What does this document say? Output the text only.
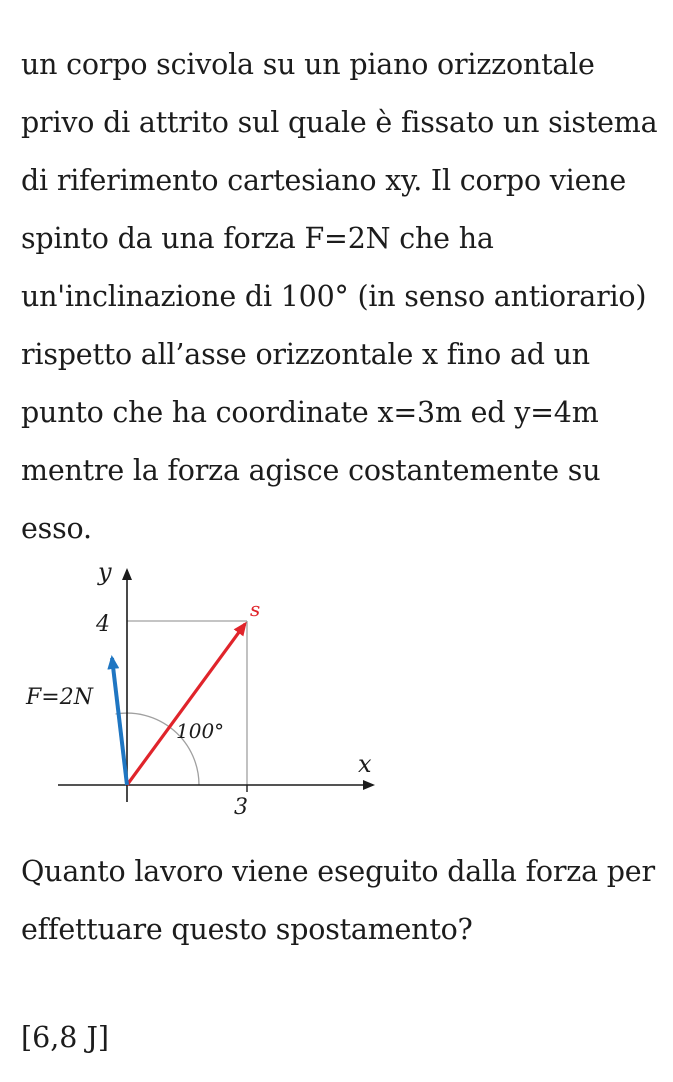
un corpo scivola su un piano orizzontale
privo di attrito sul quale è fissato un sistema
di riferimento cartesiano xy. Il corpo viene
spinto da una forza F=2N che ha
un'inclinazione di 100° (in senso antiorario)
rispetto all’asse orizzontale x fino ad un
punto che ha coordinate x=3m ed y=4m
mentre la forza agisce costantemente su
esso.

y
4
s
F=2N
100°
x
3

Quanto lavoro viene eseguito dalla forza per
effettuare questo spostamento?

[6,8 J]
